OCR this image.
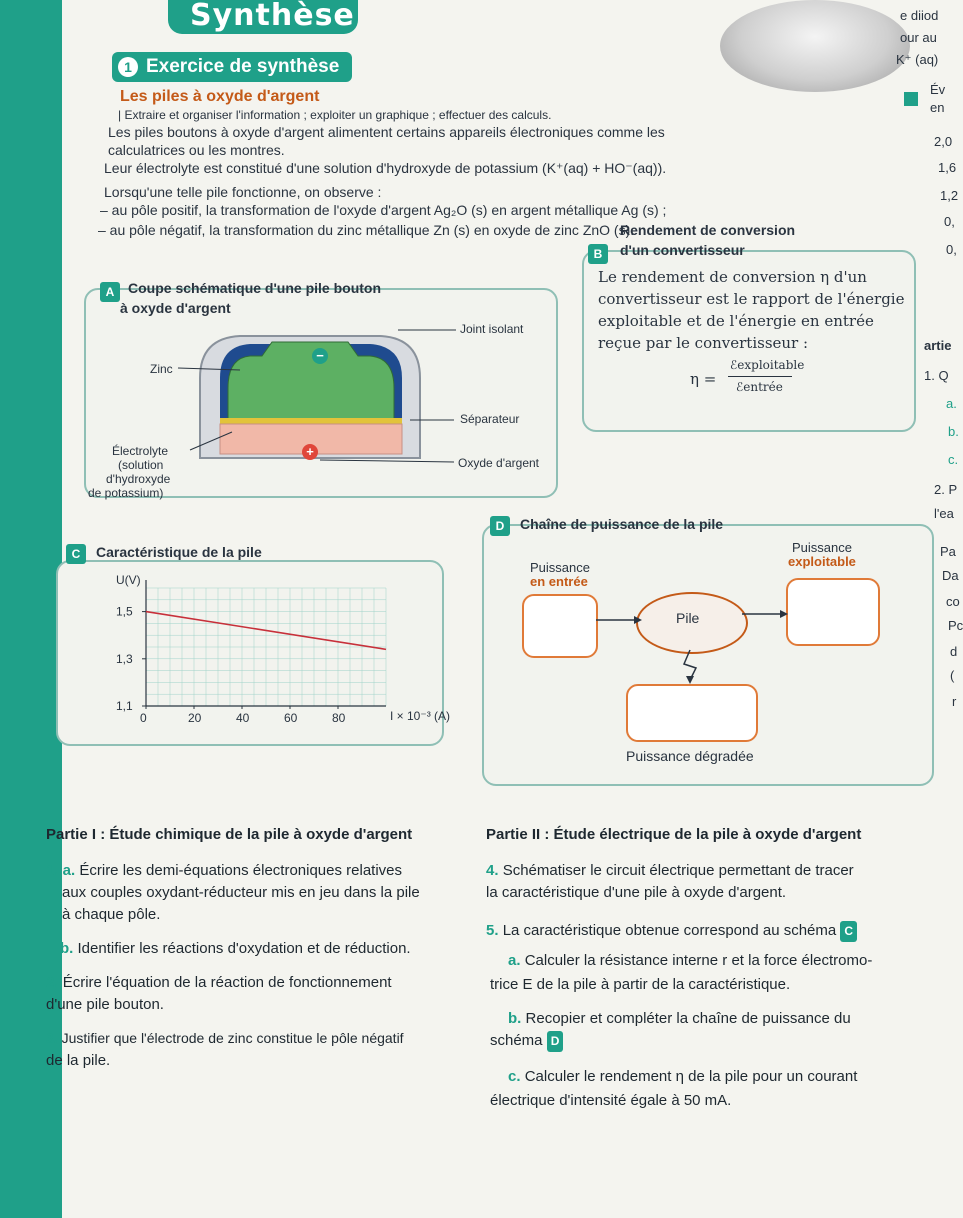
Synthèse	e diiod
our au
K⁺ (aq)
Év
en
2,0
1,6
1,2
0,
0,
artie
1. Q
a.
b.
c.
2. P
l'ea
Pa
Da
co
Pc
d
(
r
1 Exercice de synthèse
Les piles à oxyde d'argent
| Extraire et organiser l'information ; exploiter un graphique ; effectuer des calculs.
Les piles boutons à oxyde d'argent alimentent certains appareils électroniques comme les
calculatrices ou les montres.
Leur électrolyte est constitué d'une solution d'hydroxyde de potassium (K⁺(aq) + HO⁻(aq)).
Lorsqu'une telle pile fonctionne, on observe :
– au pôle positif, la transformation de l'oxyde d'argent Ag₂O (s) en argent métallique Ag (s) ;
– au pôle négatif, la transformation du zinc métallique Zn (s) en oxyde de zinc ZnO (s).
A Coupe schématique d'une pile bouton
à oxyde d'argent
−
+
Joint isolant
Zinc
Séparateur
Électrolyte
(solution
d'hydroxyde
de potassium)
Oxyde d'argent
B
Rendement de conversion
d'un convertisseur
Le rendement de conversion η d'un
convertisseur est le rapport de l'énergie
exploitable et de l'énergie en entrée
reçue par le convertisseur :
η =
ℰexploitable
ℰentrée
C	Caractéristique de la pile
U(V)
I × 10⁻³ (A)
0	20	40	60	80
1,1
1,3
1,5
D	Chaîne de puissance de la pile
Puissance
en entrée
Puissance
exploitable
Pile
Puissance dégradée
Partie I : Étude chimique de la pile à oxyde d'argent
1. a. Écrire les demi-équations électroniques relatives
aux couples oxydant-réducteur mis en jeu dans la pile
à chaque pôle.
b. Identifier les réactions d'oxydation et de réduction.
2. Écrire l'équation de la réaction de fonctionnement
d'une pile bouton.
3. Justifier que l'électrode de zinc constitue le pôle négatif
de la pile.
Partie II : Étude électrique de la pile à oxyde d'argent
4. Schématiser le circuit électrique permettant de tracer
la caractéristique d'une pile à oxyde d'argent.
5. La caractéristique obtenue correspond au schéma C
a. Calculer la résistance interne r et la force électromo-
trice E de la pile à partir de la caractéristique.
b. Recopier et compléter la chaîne de puissance du
schéma D
c. Calculer le rendement η de la pile pour un courant
électrique d'intensité égale à 50 mA.
